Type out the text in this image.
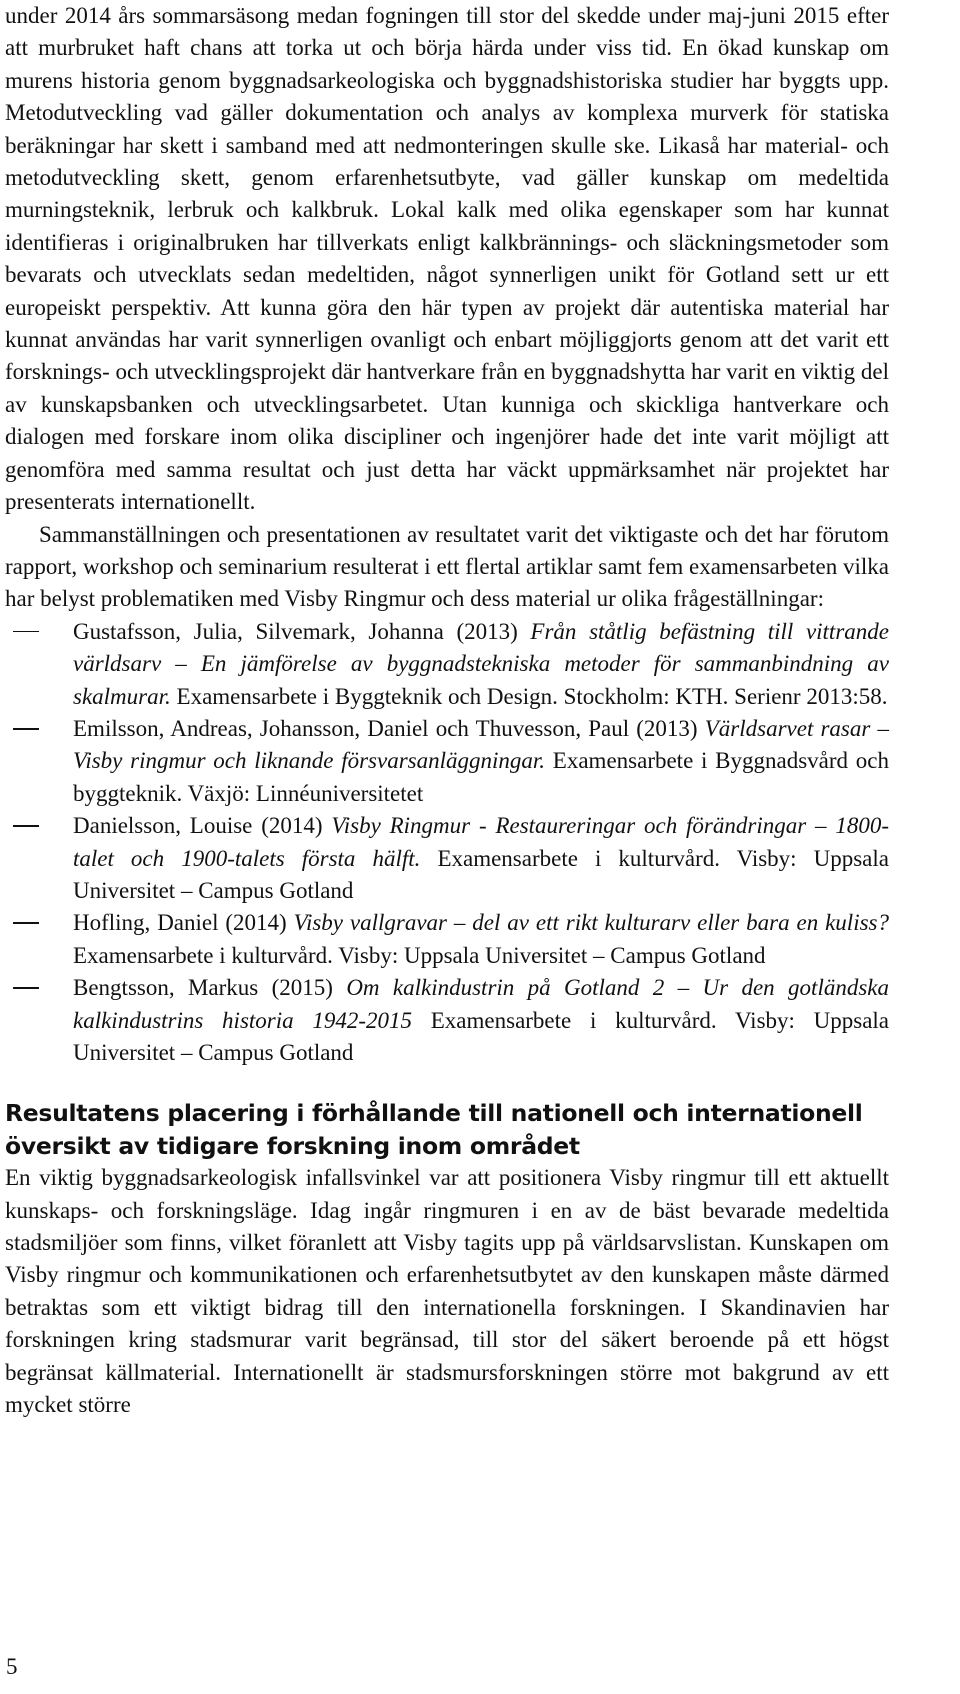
under 2014 års sommarsäsong medan fogningen till stor del skedde under maj-juni 2015 efter att murbruket haft chans att torka ut och börja härda under viss tid. En ökad kunskap om murens historia genom byggnadsarkeologiska och byggnadshistoriska studier har byggts upp. Metodutveckling vad gäller dokumentation och analys av komplexa murverk för statiska beräkningar har skett i samband med att nedmonteringen skulle ske. Likaså har material- och metodutveckling skett, genom erfarenhetsutbyte, vad gäller kunskap om medeltida murningsteknik, lerbruk och kalkbruk. Lokal kalk med olika egenskaper som har kunnat identifieras i originalbruken har tillverkats enligt kalkbrännings- och släckningsmetoder som bevarats och utvecklats sedan medeltiden, något synnerligen unikt för Gotland sett ur ett europeiskt perspektiv. Att kunna göra den här typen av projekt där autentiska material har kunnat användas har varit synnerligen ovanligt och enbart möjliggjorts genom att det varit ett forsknings- och utvecklingsprojekt där hantverkare från en byggnadshytta har varit en viktig del av kunskapsbanken och utvecklingsarbetet. Utan kunniga och skickliga hantverkare och dialogen med forskare inom olika discipliner och ingenjörer hade det inte varit möjligt att genomföra med samma resultat och just detta har väckt uppmärksamhet när projektet har presenterats internationellt.

Sammanställningen och presentationen av resultatet varit det viktigaste och det har förutom rapport, workshop och seminarium resulterat i ett flertal artiklar samt fem examensarbeten vilka har belyst problematiken med Visby Ringmur och dess material ur olika frågeställningar:

Gustafsson, Julia, Silvemark, Johanna (2013) Från ståtlig befästning till vittrande världsarv – En jämförelse av byggnadstekniska metoder för sammanbindning av skalmurar. Examensarbete i Byggteknik och Design. Stockholm: KTH. Serienr 2013:58.
Emilsson, Andreas, Johansson, Daniel och Thuvesson, Paul (2013) Världsarvet rasar – Visby ringmur och liknande försvarsanläggningar. Examensarbete i Byggnadsvård och byggteknik. Växjö: Linnéuniversitetet
Danielsson, Louise (2014) Visby Ringmur - Restaureringar och förändringar – 1800-talet och 1900-talets första hälft. Examensarbete i kulturvård. Visby: Uppsala Universitet – Campus Gotland
Hofling, Daniel (2014) Visby vallgravar – del av ett rikt kulturarv eller bara en kuliss? Examensarbete i kulturvård. Visby: Uppsala Universitet – Campus Gotland
Bengtsson, Markus (2015) Om kalkindustrin på Gotland 2 – Ur den gotländska kalkindustrins historia 1942-2015 Examensarbete i kulturvård. Visby: Uppsala Universitet – Campus Gotland
Resultatens placering i förhållande till nationell och internationell översikt av tidigare forskning inom området

En viktig byggnadsarkeologisk infallsvinkel var att positionera Visby ringmur till ett aktuellt kunskaps- och forskningsläge. Idag ingår ringmuren i en av de bäst bevarade medeltida stadsmiljöer som finns, vilket föranlett att Visby tagits upp på världsarvslistan. Kunskapen om Visby ringmur och kommunikationen och erfarenhetsutbytet av den kunskapen måste därmed betraktas som ett viktigt bidrag till den internationella forskningen. I Skandinavien har forskningen kring stadsmurar varit begränsad, till stor del säkert beroende på ett högst begränsat källmaterial. Internationellt är stadsmursforskningen större mot bakgrund av ett mycket större

5
